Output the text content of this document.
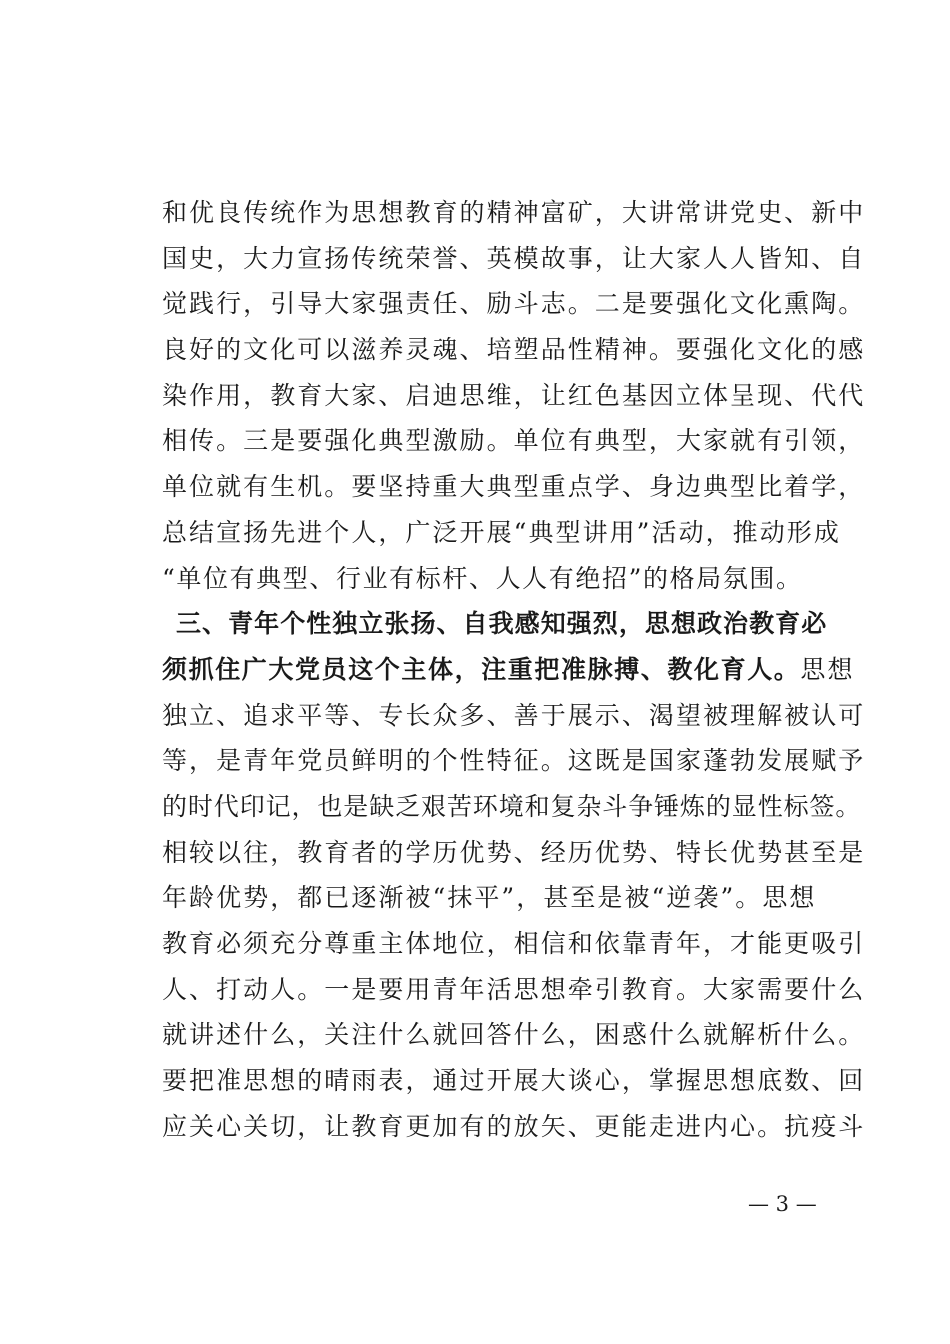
和优良传统作为思想教育的精神富矿，大讲常讲党史、新中
国史，大力宣扬传统荣誉、英模故事，让大家人人皆知、自
觉践行，引导大家强责任、励斗志。二是要强化文化熏陶。
良好的文化可以滋养灵魂、培塑品性精神。要强化文化的感
染作用，教育大家、启迪思维，让红色基因立体呈现、代代
相传。三是要强化典型激励。单位有典型，大家就有引领，
单位就有生机。要坚持重大典型重点学、身边典型比着学，
总结宣扬先进个人，广泛开展“典型讲用”活动，推动形成
“单位有典型、行业有标杆、人人有绝招”的格局氛围。
三、青年个性独立张扬、自我感知强烈，思想政治教育必
须抓住广大党员这个主体，注重把准脉搏、教化育人。思想
独立、追求平等、专长众多、善于展示、渴望被理解被认可
等，是青年党员鲜明的个性特征。这既是国家蓬勃发展赋予
的时代印记，也是缺乏艰苦环境和复杂斗争锤炼的显性标签。
相较以往，教育者的学历优势、经历优势、特长优势甚至是
年龄优势，都已逐渐被“抹平”，甚至是被“逆袭”。思想
教育必须充分尊重主体地位，相信和依靠青年，才能更吸引
人、打动人。一是要用青年活思想牵引教育。大家需要什么
就讲述什么，关注什么就回答什么，困惑什么就解析什么。
要把准思想的晴雨表，通过开展大谈心，掌握思想底数、回
应关心关切，让教育更加有的放矢、更能走进内心。抗疫斗
— 3 —
